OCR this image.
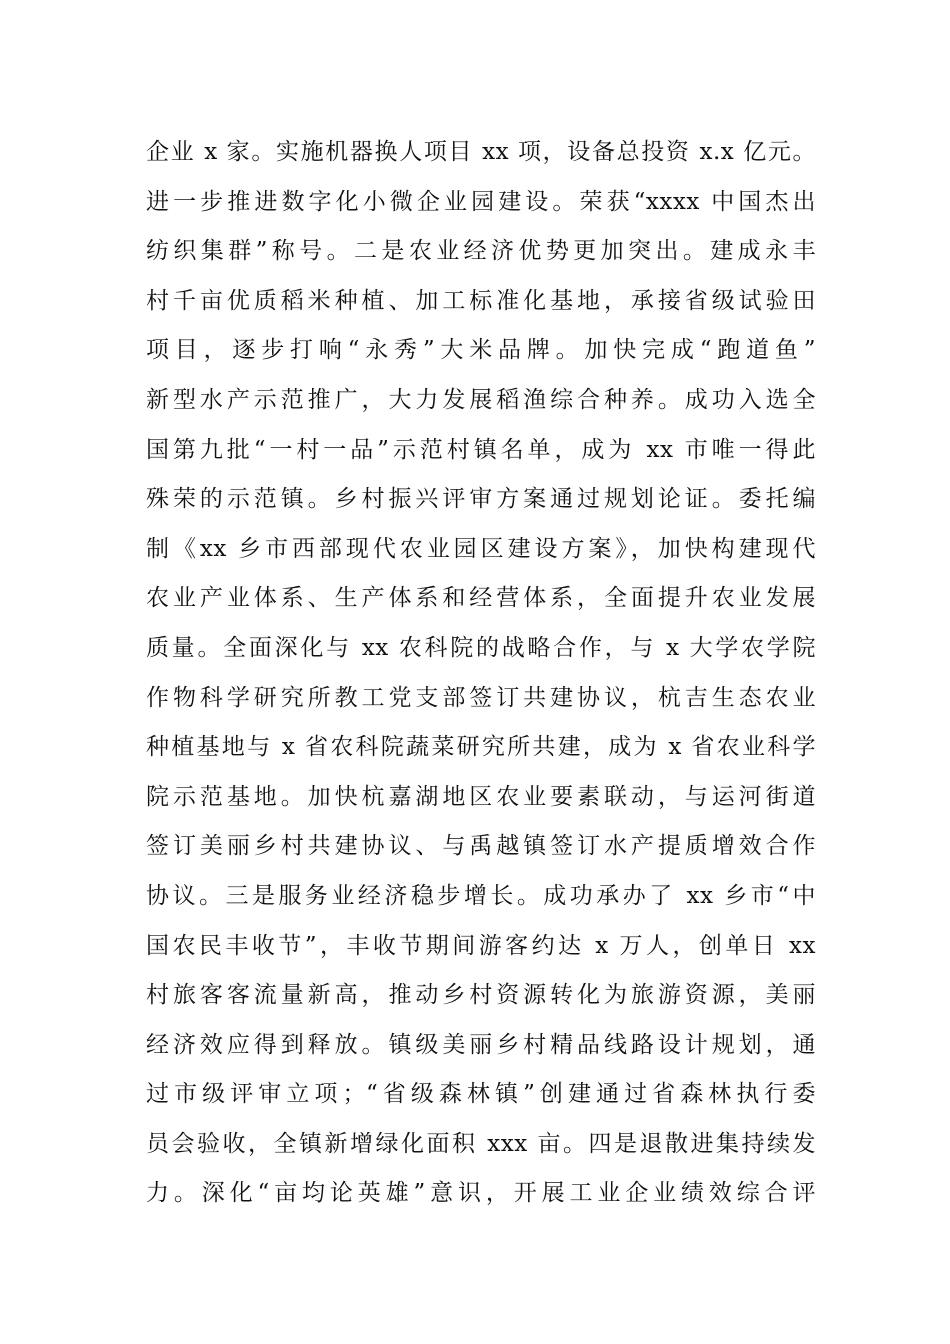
企业 x 家。实施机器换人项目 xx 项，设备总投资 x.x 亿元。
进一步推进数字化小微企业园建设。荣获“xxxx 中国杰出
纺织集群”称号。二是农业经济优势更加突出。建成永丰
村千亩优质稻米种植、加工标准化基地，承接省级试验田
项目，逐步打响“永秀”大米品牌。加快完成“跑道鱼”
新型水产示范推广，大力发展稻渔综合种养。成功入选全
国第九批“一村一品”示范村镇名单，成为 xx 市唯一得此
殊荣的示范镇。乡村振兴评审方案通过规划论证。委托编
制《xx 乡市西部现代农业园区建设方案》，加快构建现代
农业产业体系、生产体系和经营体系，全面提升农业发展
质量。全面深化与 xx 农科院的战略合作，与 x 大学农学院
作物科学研究所教工党支部签订共建协议，杭吉生态农业
种植基地与 x 省农科院蔬菜研究所共建，成为 x 省农业科学
院示范基地。加快杭嘉湖地区农业要素联动，与运河街道
签订美丽乡村共建协议、与禹越镇签订水产提质增效合作
协议。三是服务业经济稳步增长。成功承办了 xx 乡市“中
国农民丰收节”，丰收节期间游客约达 x 万人，创单日 xx
村旅客客流量新高，推动乡村资源转化为旅游资源，美丽
经济效应得到释放。镇级美丽乡村精品线路设计规划，通
过市级评审立项；“省级森林镇”创建通过省森林执行委
员会验收，全镇新增绿化面积 xxx 亩。四是退散进集持续发
力。深化“亩均论英雄”意识，开展工业企业绩效综合评
